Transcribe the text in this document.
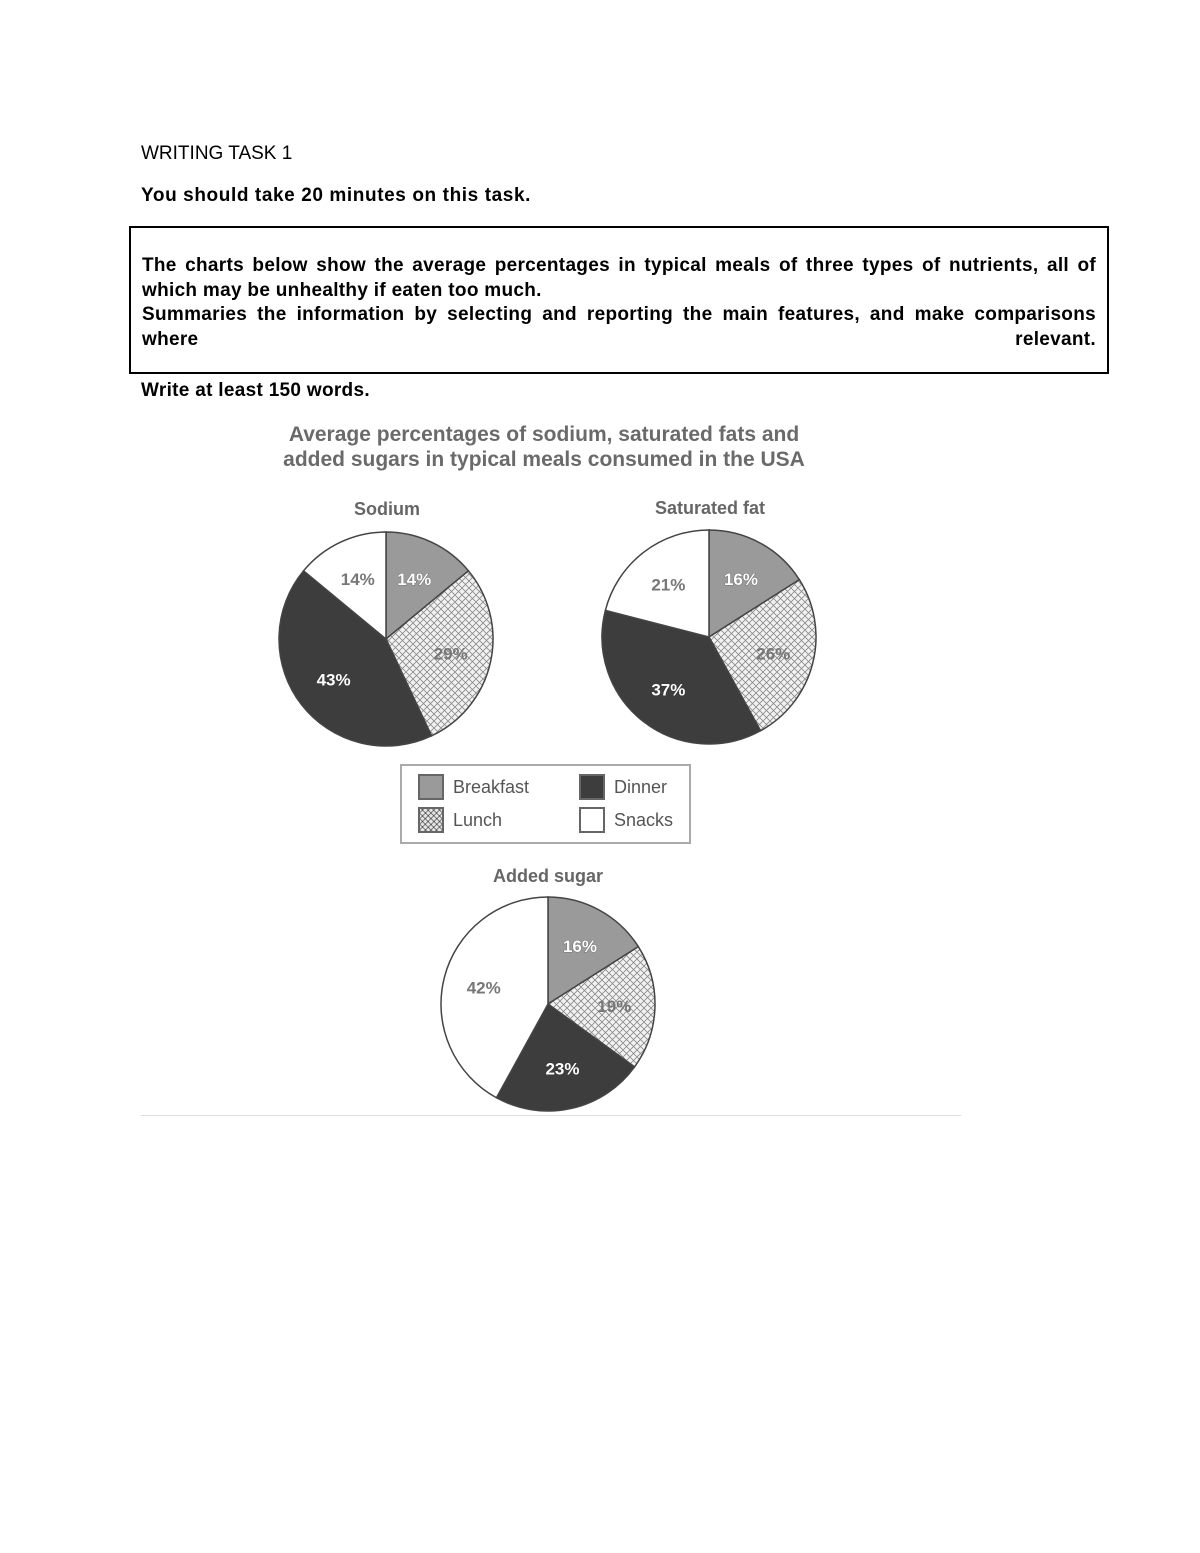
WRITING TASK 1
You should take 20 minutes on this task.

The charts below show the average percentages in typical meals of three types of nutrients, all of which may be unhealthy if eaten too much.

Summaries the information by selecting and reporting the main features, and make comparisons where relevant.

Write at least 150 words.
Average percentages of sodium, saturated fats and
added sugars in typical meals consumed in the USA
Sodium	Saturated fat
Added sugar
14%
29%
43%
14%	16%
26%
37%
21%
16%
19%
23%
42%
Breakfast	Dinner
Lunch	Snacks
